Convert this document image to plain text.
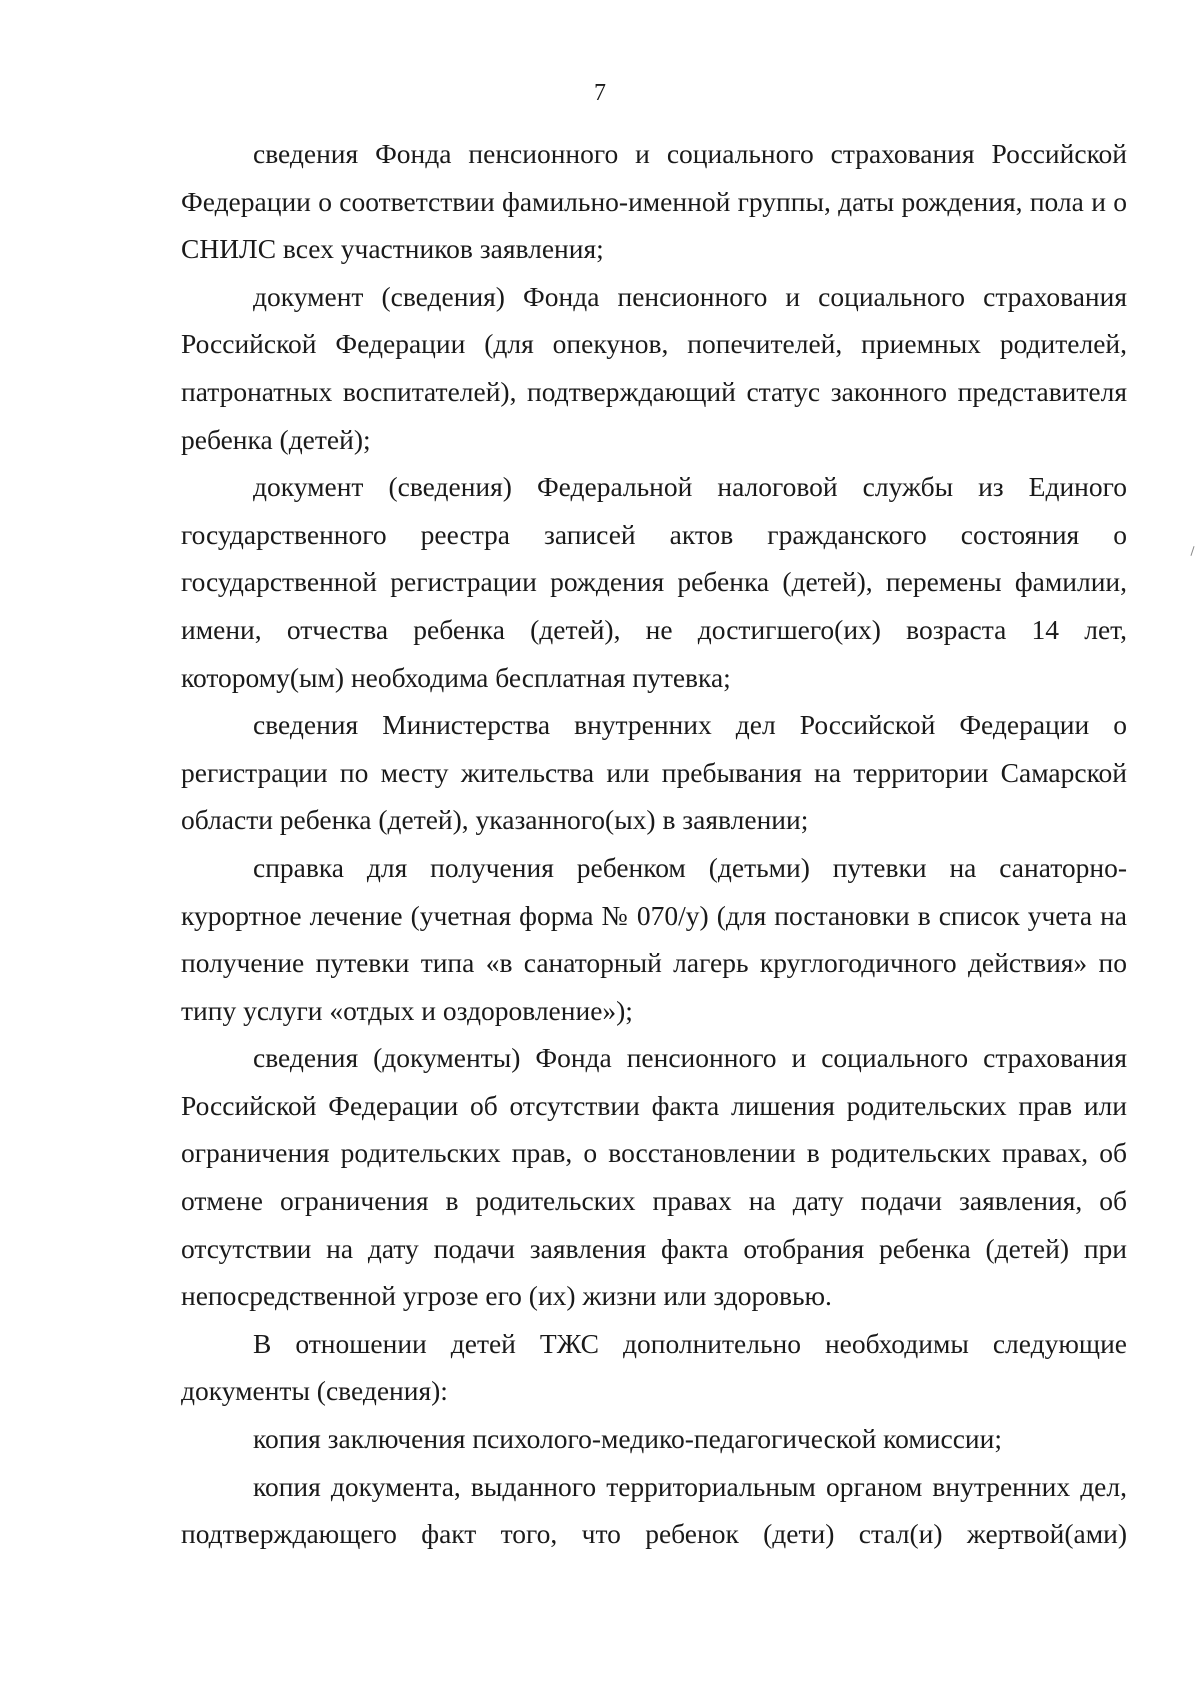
7

сведения Фонда пенсионного и социального страхования Российской Федерации о соответствии фамильно-именной группы, даты рождения, пола и о СНИЛС всех участников заявления;

документ (сведения) Фонда пенсионного и социального страхования Российской Федерации (для опекунов, попечителей, приемных родителей, патронатных воспитателей), подтверждающий статус законного представителя ребенка (детей);

документ (сведения) Федеральной налоговой службы из Единого государственного реестра записей актов гражданского состояния о государственной регистрации рождения ребенка (детей), перемены фамилии, имени, отчества ребенка (детей), не достигшего(их) возраста 14 лет, которому(ым) необходима бесплатная путевка;

сведения Министерства внутренних дел Российской Федерации о регистрации по месту жительства или пребывания на территории Самарской области ребенка (детей), указанного(ых) в заявлении;

справка для получения ребенком (детьми) путевки на санаторно-курортное лечение (учетная форма № 070/у) (для постановки в список учета на получение путевки типа «в санаторный лагерь круглогодичного действия» по типу услуги «отдых и оздоровление»);

сведения (документы) Фонда пенсионного и социального страхования Российской Федерации об отсутствии факта лишения родительских прав или ограничения родительских прав, о восстановлении в родительских правах, об отмене ограничения в родительских правах на дату подачи заявления, об отсутствии на дату подачи заявления факта отобрания ребенка (детей) при непосредственной угрозе его (их) жизни или здоровью.

В отношении детей ТЖС дополнительно необходимы следующие документы (сведения):

копия заключения психолого-медико-педагогической комиссии;

копия документа, выданного территориальным органом внутренних дел, подтверждающего факт того, что ребенок (дети) стал(и) жертвой(ами)
